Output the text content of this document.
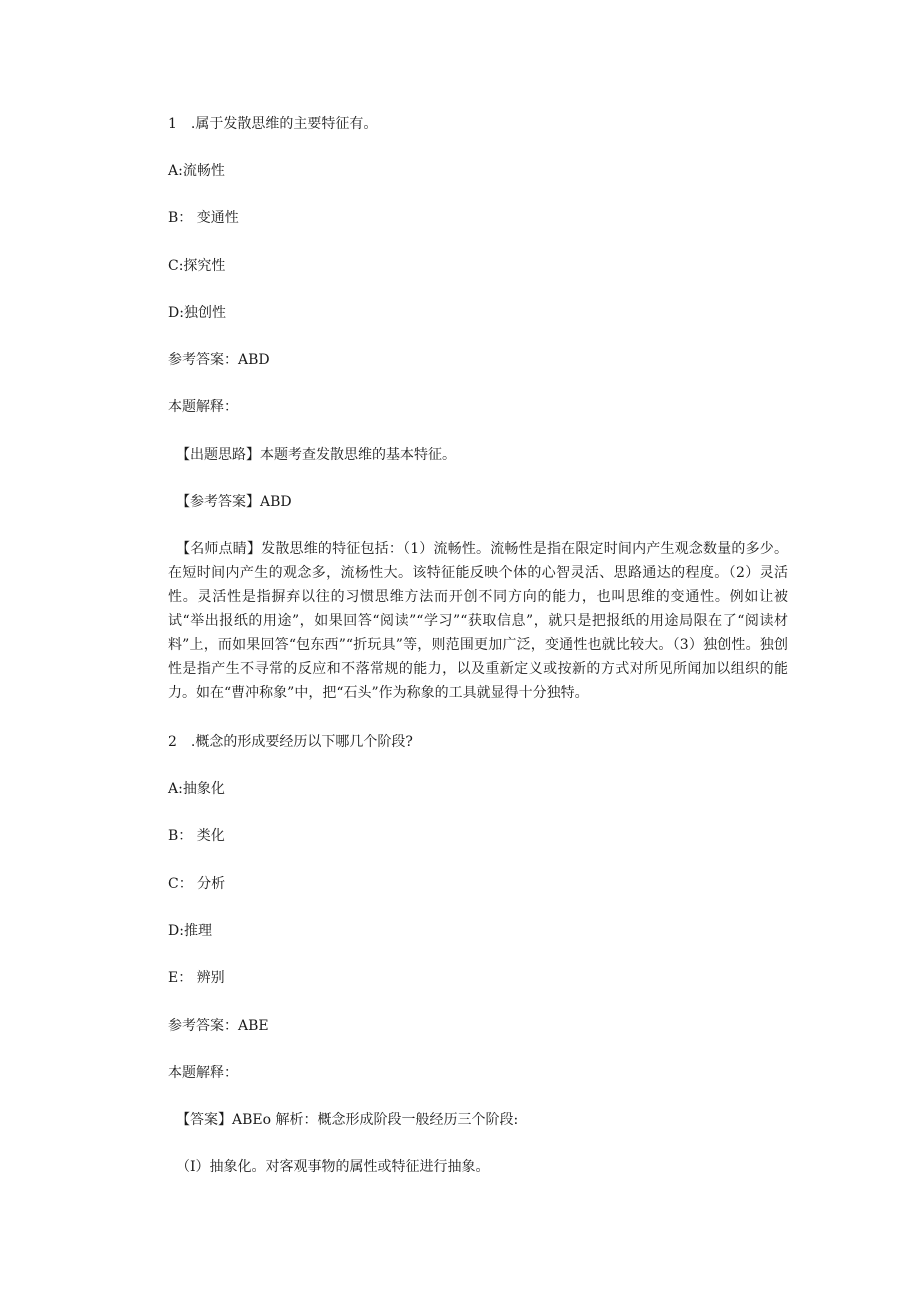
1　.属于发散思维的主要特征有。
A:流畅性
B： 变通性
C:探究性
D:独创性
参考答案：ABD
本题解释：
【出题思路】本题考查发散思维的基本特征。
【参考答案】ABD
【名师点睛】发散思维的特征包括：（1）流畅性。流畅性是指在限定时间内产生观念数量的多少。在短时间内产生的观念多，流杨性大。该特征能反映个体的心智灵活、思路通达的程度。（2）灵活性。灵活性是指摒弃以往的习惯思维方法而开创不同方向的能力，也叫思维的变通性。例如让被试“举出报纸的用途”，如果回答“阅读”“学习”“获取信息”，就只是把报纸的用途局限在了“阅读材料”上，而如果回答“包东西”“折玩具”等，则范围更加广泛，变通性也就比较大。（3）独创性。独创性是指产生不寻常的反应和不落常规的能力，以及重新定义或按新的方式对所见所闻加以组织的能力。如在“曹冲称象”中，把“石头”作为称象的工具就显得十分独特。
2　.概念的形成要经历以下哪几个阶段?
A:抽象化
B： 类化
C： 分析
D:推理
E： 辨别
参考答案：ABE
本题解释：
【答案】ABEo 解析：概念形成阶段一般经历三个阶段:
（I）抽象化。对客观事物的属性或特征进行抽象。
